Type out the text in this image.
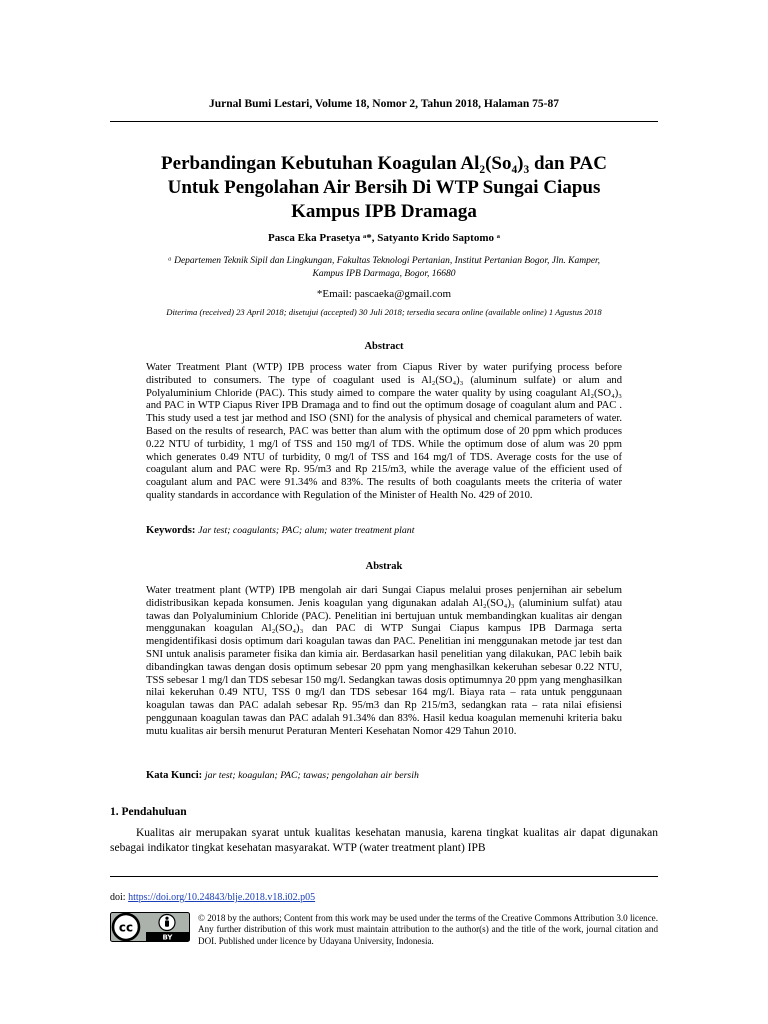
Jurnal Bumi Lestari, Volume 18, Nomor 2, Tahun 2018, Halaman 75-87
Perbandingan Kebutuhan Koagulan Al₂(So₄)₃ dan PAC
Untuk Pengolahan Air Bersih Di WTP Sungai Ciapus
Kampus IPB Dramaga
Pasca Eka Prasetya ᵃ*, Satyanto Krido Saptomo ᵃ
ᵃ Departemen Teknik Sipil dan Lingkungan, Fakultas Teknologi Pertanian, Institut Pertanian Bogor, Jln. Kamper,
Kampus IPB Darmaga, Bogor, 16680
*Email: pascaeka@gmail.com
Diterima (received) 23 April 2018; disetujui (accepted) 30 Juli 2018; tersedia secara online (available online) 1 Agustus 2018
Abstract
Water Treatment Plant (WTP) IPB process water from Ciapus River by water purifying process before distributed to consumers. The type of coagulant used is Al₂(SO₄)₃ (aluminum sulfate) or alum and Polyaluminium Chloride (PAC). This study aimed to compare the water quality by using coagulant Al₂(SO₄)₃ and PAC in WTP Ciapus River IPB Dramaga and to find out the optimum dosage of coagulant alum and PAC . This study used a test jar method and ISO (SNI) for the analysis of physical and chemical parameters of water. Based on the results of research, PAC was better than alum with the optimum dose of 20 ppm which produces 0.22 NTU of turbidity, 1 mg/l of TSS and 150 mg/l of TDS. While the optimum dose of alum was 20 ppm which generates 0.49 NTU of turbidity, 0 mg/l of TSS and 164 mg/l of TDS. Average costs for the use of coagulant alum and PAC were Rp. 95/m3 and Rp 215/m3, while the average value of the efficient used of coagulant alum and PAC were 91.34% and 83%. The results of both coagulants meets the criteria of water quality standards in accordance with Regulation of the Minister of Health No. 429 of 2010.
Keywords: Jar test; coagulants; PAC; alum; water treatment plant
Abstrak
Water treatment plant (WTP) IPB mengolah air dari Sungai Ciapus melalui proses penjernihan air sebelum didistribusikan kepada konsumen. Jenis koagulan yang digunakan adalah Al₂(SO₄)₃ (aluminium sulfat) atau tawas dan Polyaluminium Chloride (PAC). Penelitian ini bertujuan untuk membandingkan kualitas air dengan menggunakan koagulan Al₂(SO₄)₃ dan PAC di WTP Sungai Ciapus kampus IPB Darmaga serta mengidentifikasi dosis optimum dari koagulan tawas dan PAC. Penelitian ini menggunakan metode jar test dan SNI untuk analisis parameter fisika dan kimia air. Berdasarkan hasil penelitian yang dilakukan, PAC lebih baik dibandingkan tawas dengan dosis optimum sebesar 20 ppm yang menghasilkan kekeruhan sebesar 0.22 NTU, TSS sebesar 1 mg/l dan TDS sebesar 150 mg/l. Sedangkan tawas dosis optimumnya 20 ppm yang menghasilkan nilai kekeruhan 0.49 NTU, TSS 0 mg/l dan TDS sebesar 164 mg/l. Biaya rata – rata untuk penggunaan koagulan tawas dan PAC adalah sebesar Rp. 95/m3 dan Rp 215/m3, sedangkan rata – rata nilai efisiensi penggunaan koagulan tawas dan PAC adalah 91.34% dan 83%. Hasil kedua koagulan memenuhi kriteria baku mutu kualitas air bersih menurut Peraturan Menteri Kesehatan Nomor 429 Tahun 2010.
Kata Kunci: jar test; koagulan; PAC; tawas; pengolahan air bersih
1. Pendahuluan
Kualitas air merupakan syarat untuk kualitas kesehatan manusia, karena tingkat kualitas air dapat digunakan sebagai indikator tingkat kesehatan masyarakat. WTP (water treatment plant) IPB
doi: https://doi.org/10.24843/blje.2018.v18.i02.p05
cc
BY
© 2018 by the authors; Content from this work may be used under the terms of the Creative Commons Attribution 3.0 licence. Any further distribution of this work must maintain attribution to the author(s) and the title of the work, journal citation and DOI. Published under licence by Udayana University, Indonesia.
